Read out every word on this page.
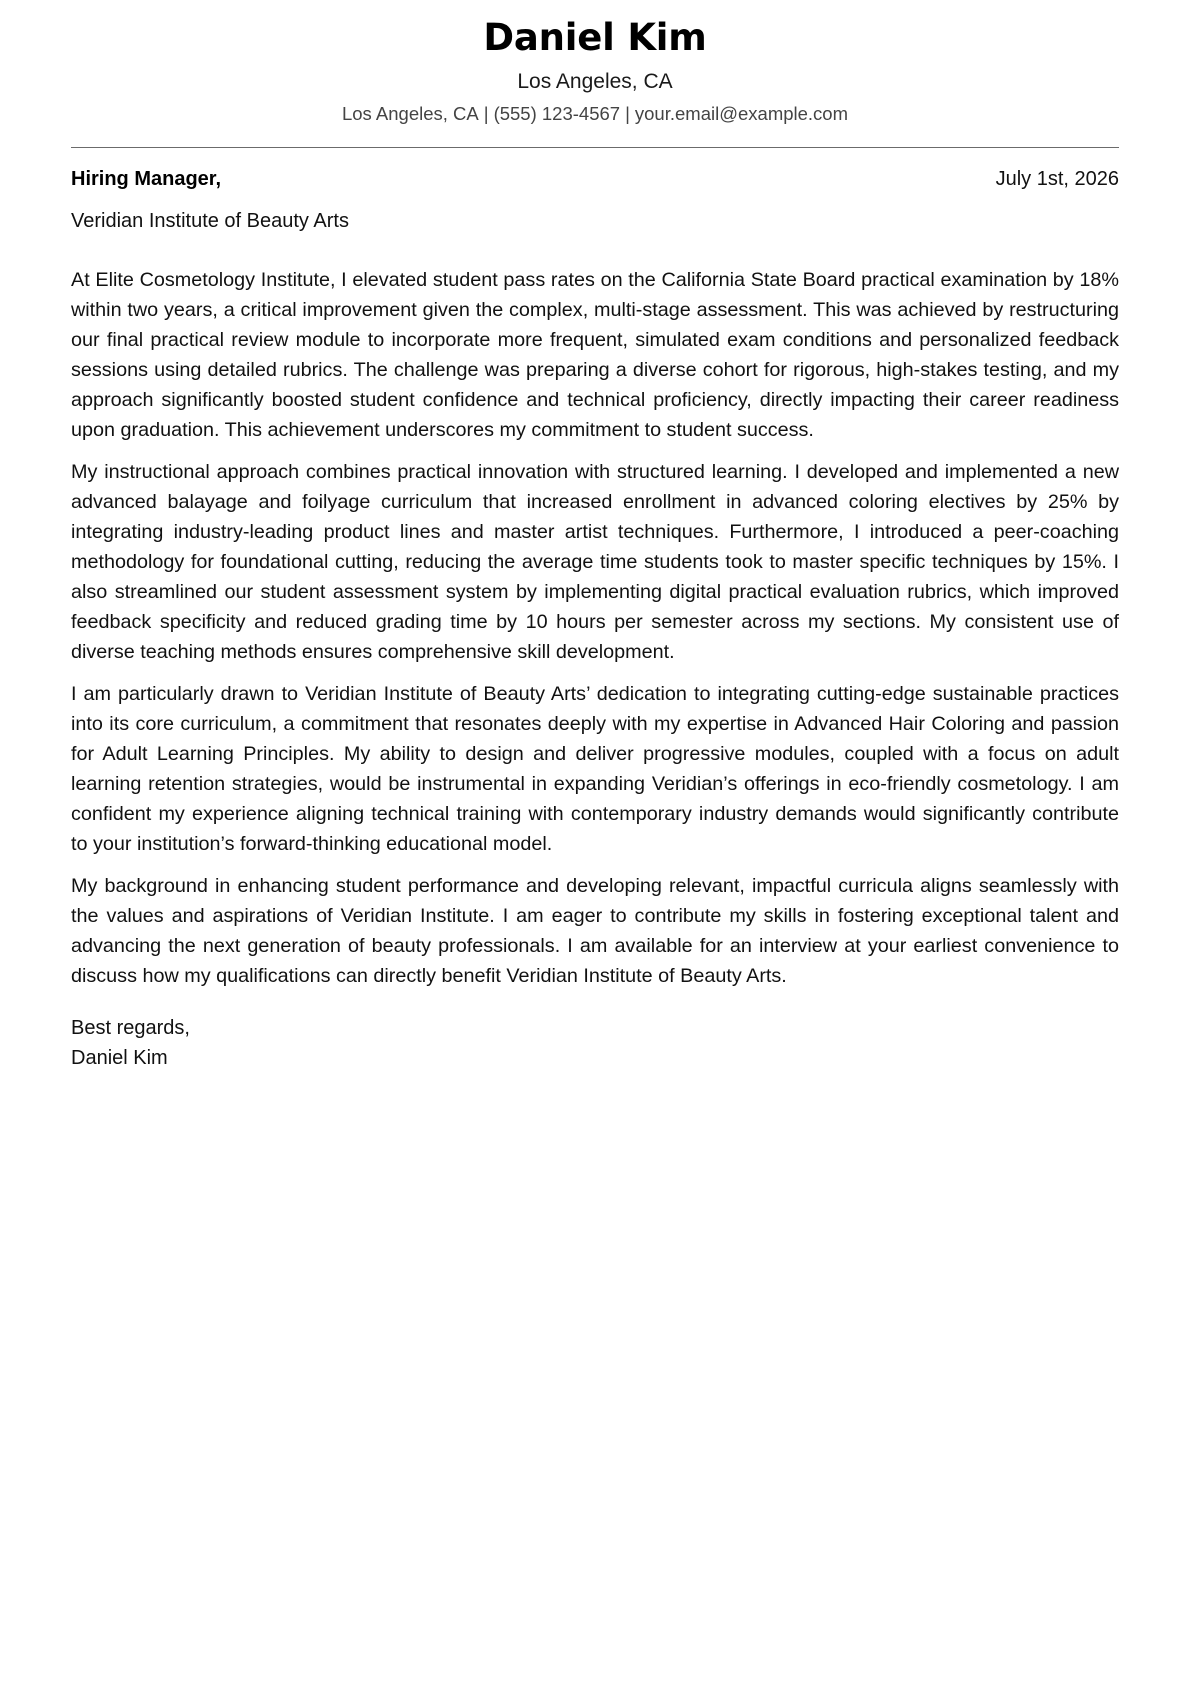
Daniel Kim
Los Angeles, CA
Los Angeles, CA | (555) 123-4567 | your.email@example.com
Hiring Manager,	July 1st, 2026
Veridian Institute of Beauty Arts

At Elite Cosmetology Institute, I elevated student pass rates on the California State Board practical examination by 18% within two years, a critical improvement given the complex, multi-stage assessment. This was achieved by restructuring our final practical review module to incorporate more frequent, simulated exam conditions and personalized feedback sessions using detailed rubrics. The challenge was preparing a diverse cohort for rigorous, high-stakes testing, and my approach significantly boosted student confidence and technical proficiency, directly impacting their career readiness upon graduation. This achievement underscores my commitment to student success.

My instructional approach combines practical innovation with structured learning. I developed and implemented a new advanced balayage and foilyage curriculum that increased enrollment in advanced coloring electives by 25% by integrating industry-leading product lines and master artist techniques. Furthermore, I introduced a peer-coaching methodology for foundational cutting, reducing the average time students took to master specific techniques by 15%. I also streamlined our student assessment system by implementing digital practical evaluation rubrics, which improved feedback specificity and reduced grading time by 10 hours per semester across my sections. My consistent use of diverse teaching methods ensures comprehensive skill development.

I am particularly drawn to Veridian Institute of Beauty Arts’ dedication to integrating cutting-edge sustainable practices into its core curriculum, a commitment that resonates deeply with my expertise in Advanced Hair Coloring and passion for Adult Learning Principles. My ability to design and deliver progressive modules, coupled with a focus on adult learning retention strategies, would be instrumental in expanding Veridian’s offerings in eco-friendly cosmetology. I am confident my experience aligning technical training with contemporary industry demands would significantly contribute to your institution’s forward-thinking educational model.

My background in enhancing student performance and developing relevant, impactful curricula aligns seamlessly with the values and aspirations of Veridian Institute. I am eager to contribute my skills in fostering exceptional talent and advancing the next generation of beauty professionals. I am available for an interview at your earliest convenience to discuss how my qualifications can directly benefit Veridian Institute of Beauty Arts.

Best regards,
Daniel Kim
